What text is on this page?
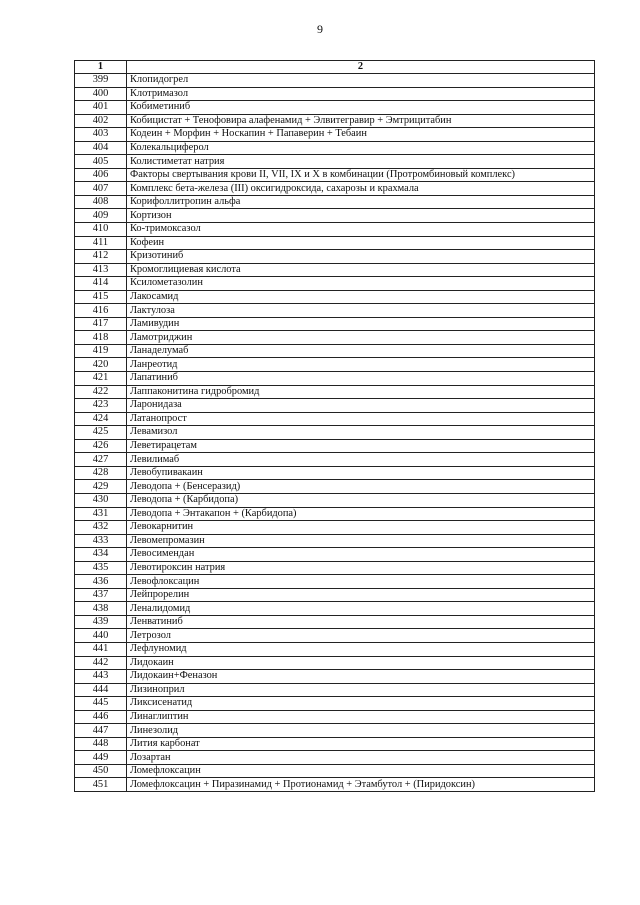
9
1	2
399	Клопидогрел
400	Клотримазол
401	Кобиметиниб
402	Кобицистат + Тенофовира алафенамид + Элвитегравир + Эмтрицитабин
403	Кодеин + Морфин + Носкапин + Папаверин + Тебаин
404	Колекальциферол
405	Колистиметат натрия
406	Факторы свертывания крови II, VII, IX и X в комбинации (Протромбиновый комплекс)
407	Комплекс бета-железа (III) оксигидроксида, сахарозы и крахмала
408	Корифоллитропин альфа
409	Кортизон
410	Ко-тримоксазол
411	Кофеин
412	Кризотиниб
413	Кромоглициевая кислота
414	Ксилометазолин
415	Лакосамид
416	Лактулоза
417	Ламивудин
418	Ламотриджин
419	Ланаделумаб
420	Ланреотид
421	Лапатиниб
422	Лаппаконитина гидробромид
423	Ларонидаза
424	Латанопрост
425	Левамизол
426	Леветирацетам
427	Левилимаб
428	Левобупивакаин
429	Леводопа + (Бенсеразид)
430	Леводопа + (Карбидопа)
431	Леводопа + Энтакапон + (Карбидопа)
432	Левокарнитин
433	Левомепромазин
434	Левосимендан
435	Левотироксин натрия
436	Левофлоксацин
437	Лейпрорелин
438	Леналидомид
439	Ленватиниб
440	Летрозол
441	Лефлуномид
442	Лидокаин
443	Лидокаин+Феназон
444	Лизиноприл
445	Ликсисенатид
446	Линаглиптин
447	Линезолид
448	Лития карбонат
449	Лозартан
450	Ломефлоксацин
451	Ломефлоксацин + Пиразинамид + Протионамид + Этамбутол + (Пиридоксин)
